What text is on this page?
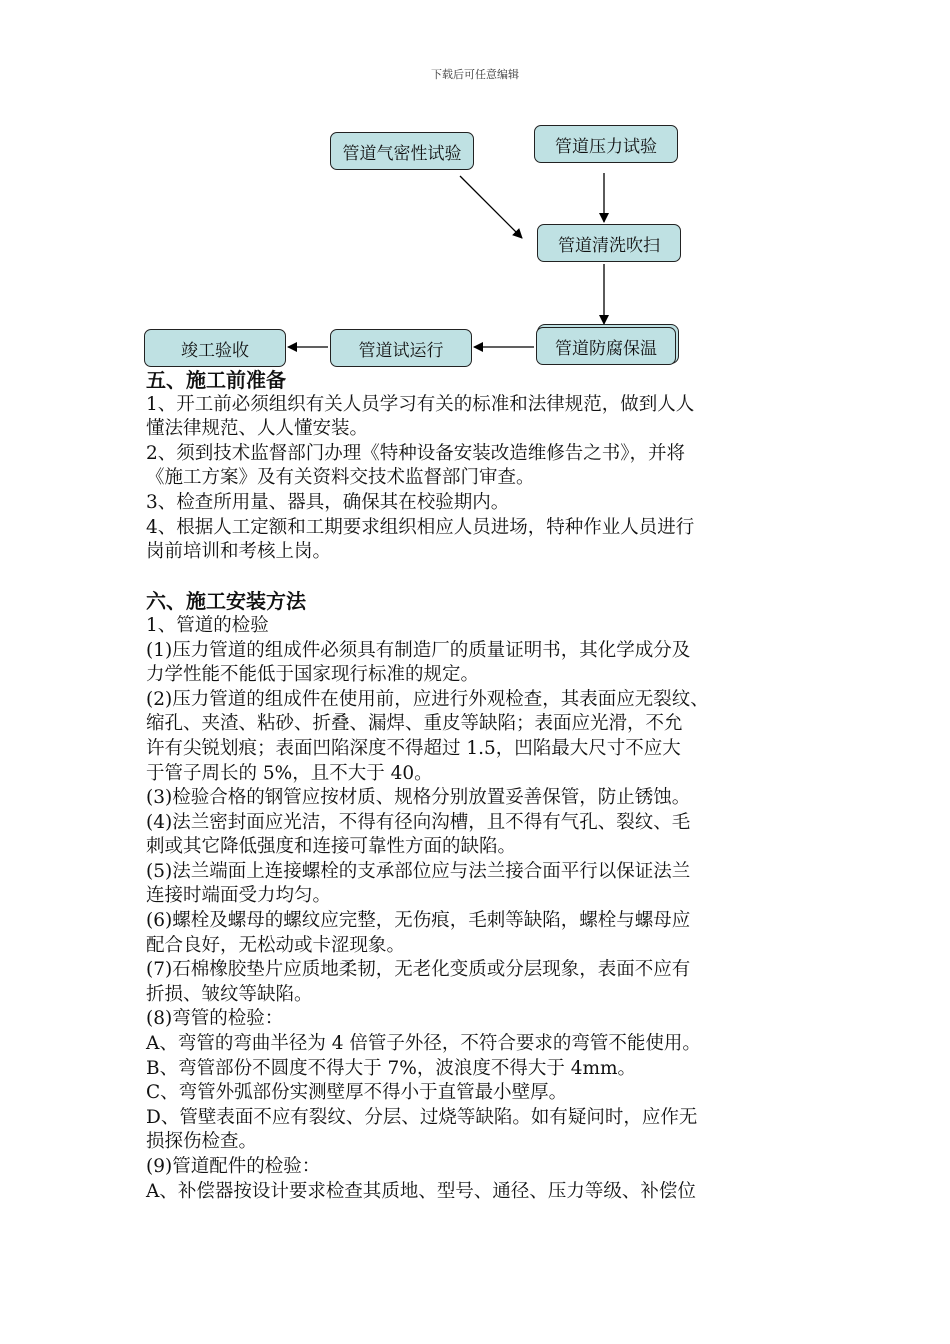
下载后可任意编辑
管道气密性试验	管道压力试验
管道清洗吹扫
管道防腐保温
管道试运行
竣工验收
五、施工前准备

1、开工前必须组织有关人员学习有关的标准和法律规范，做到人人

懂法律规范、人人懂安装。

2、须到技术监督部门办理《特种设备安装改造维修告之书》，并将

《施工方案》及有关资料交技术监督部门审查。

3、检查所用量、器具，确保其在校验期内。

4、根据人工定额和工期要求组织相应人员进场，特种作业人员进行

岗前培训和考核上岗。

六、施工安装方法

1、管道的检验

(1)压力管道的组成件必须具有制造厂的质量证明书，其化学成分及

力学性能不能低于国家现行标准的规定。

(2)压力管道的组成件在使用前，应进行外观检查，其表面应无裂纹、

缩孔、夹渣、粘砂、折叠、漏焊、重皮等缺陷；表面应光滑，不允

许有尖锐划痕；表面凹陷深度不得超过 1.5，凹陷最大尺寸不应大

于管子周长的 5%，且不大于 40。

(3)检验合格的钢管应按材质、规格分别放置妥善保管，防止锈蚀。

(4)法兰密封面应光洁，不得有径向沟槽，且不得有气孔、裂纹、毛

刺或其它降低强度和连接可靠性方面的缺陷。

(5)法兰端面上连接螺栓的支承部位应与法兰接合面平行以保证法兰

连接时端面受力均匀。

(6)螺栓及螺母的螺纹应完整，无伤痕，毛刺等缺陷，螺栓与螺母应

配合良好，无松动或卡涩现象。

(7)石棉橡胶垫片应质地柔韧，无老化变质或分层现象，表面不应有

折损、皱纹等缺陷。

(8)弯管的检验：

A、弯管的弯曲半径为 4 倍管子外径，不符合要求的弯管不能使用。

B、弯管部份不圆度不得大于 7%，波浪度不得大于 4mm。

C、弯管外弧部份实测壁厚不得小于直管最小壁厚。

D、管壁表面不应有裂纹、分层、过烧等缺陷。如有疑问时，应作无

损探伤检查。

(9)管道配件的检验：

A、补偿器按设计要求检查其质地、型号、通径、压力等级、补偿位
